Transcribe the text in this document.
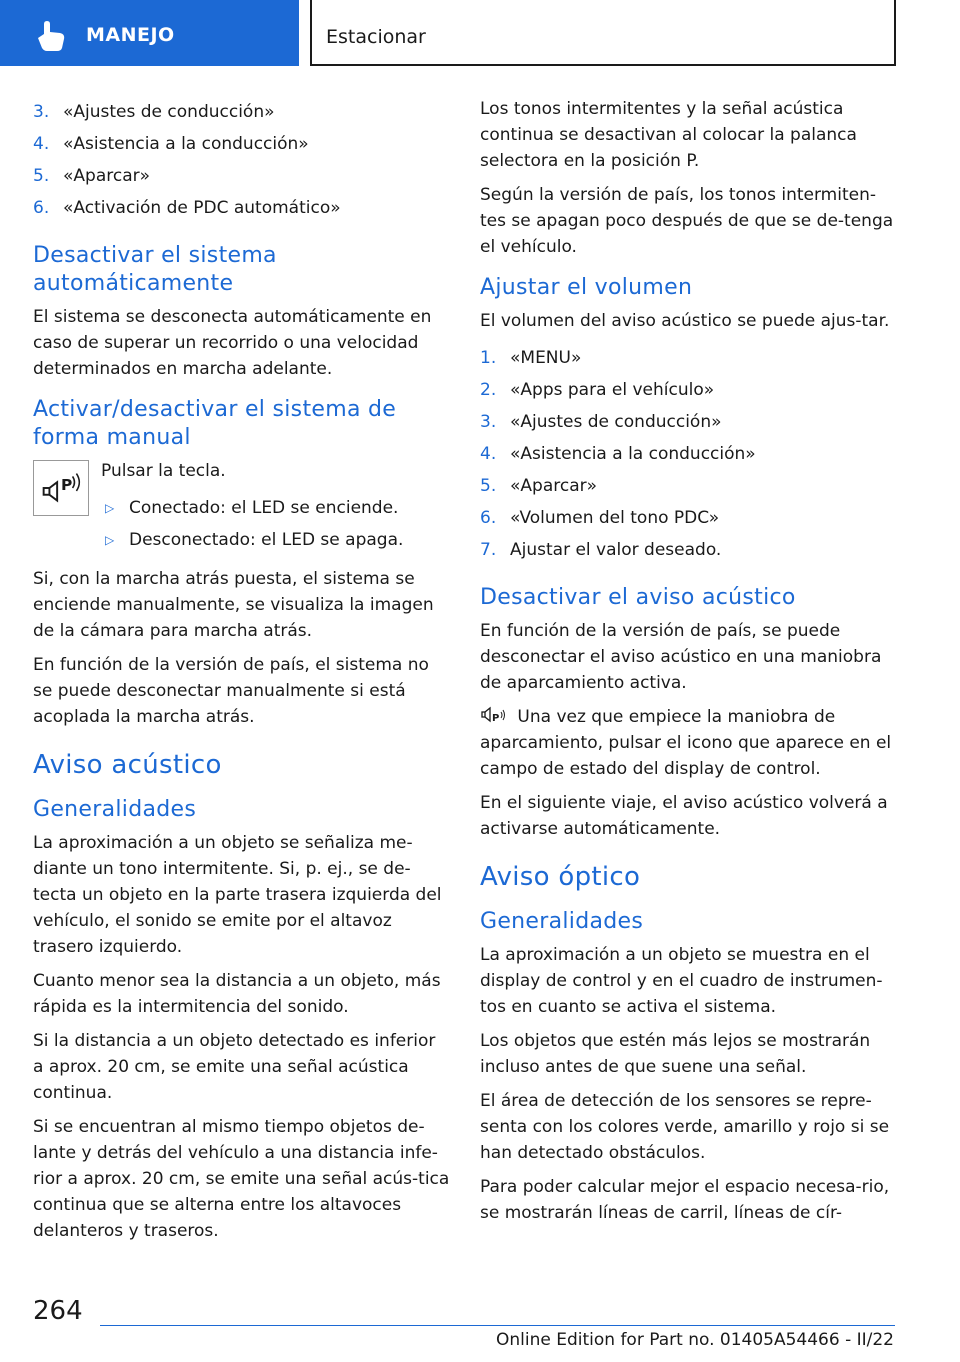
MANEJO	Estacionar
3. «Ajustes de conducción»
4. «Asistencia a la conducción»
5. «Aparcar»
6. «Activación de PDC automático»
Desactivar el sistema automáticamente

El sistema se desconecta automáticamente en caso de superar un recorrido o una velocidad determinados en marcha adelante.

Activar/desactivar el sistema de forma manual
P

Pulsar la tecla.

▷ Conectado: el LED se enciende.
▷ Desconectado: el LED se apaga.

Si, con la marcha atrás puesta, el sistema se enciende manualmente, se visualiza la imagen de la cámara para marcha atrás.

En función de la versión de país, el sistema no se puede desconectar manualmente si está acoplada la marcha atrás.

Aviso acústico
Generalidades

La aproximación a un objeto se señaliza me-diante un tono intermitente. Si, p. ej., se de-tecta un objeto en la parte trasera izquierda del vehículo, el sonido se emite por el altavoz trasero izquierdo.

Cuanto menor sea la distancia a un objeto, más rápida es la intermitencia del sonido.

Si la distancia a un objeto detectado es inferior a aprox. 20 cm, se emite una señal acústica continua.

Si se encuentran al mismo tiempo objetos de-lante y detrás del vehículo a una distancia infe-rior a aprox. 20 cm, se emite una señal acús-tica continua que se alterna entre los altavoces delanteros y traseros.

Los tonos intermitentes y la señal acústica continua se desactivan al colocar la palanca selectora en la posición P.

Según la versión de país, los tonos intermiten-tes se apagan poco después de que se de-tenga el vehículo.

Ajustar el volumen

El volumen del aviso acústico se puede ajus-tar.

1. «MENU»
2. «Apps para el vehículo»
3. «Ajustes de conducción»
4. «Asistencia a la conducción»
5. «Aparcar»
6. «Volumen del tono PDC»
7. Ajustar el valor deseado.
Desactivar el aviso acústico

En función de la versión de país, se puede desconectar el aviso acústico en una maniobra de aparcamiento activa.

P Una vez que empiece la maniobra de aparcamiento, pulsar el icono que aparece en el campo de estado del display de control.

En el siguiente viaje, el aviso acústico volverá a activarse automáticamente.

Aviso óptico
Generalidades

La aproximación a un objeto se muestra en el display de control y en el cuadro de instrumen-tos en cuanto se activa el sistema.

Los objetos que estén más lejos se mostrarán incluso antes de que suene una señal.

El área de detección de los sensores se repre-senta con los colores verde, amarillo y rojo si se han detectado obstáculos.

Para poder calcular mejor el espacio necesa-rio, se mostrarán líneas de carril, líneas de cír-

264
Online Edition for Part no. 01405A54466 - II/22
